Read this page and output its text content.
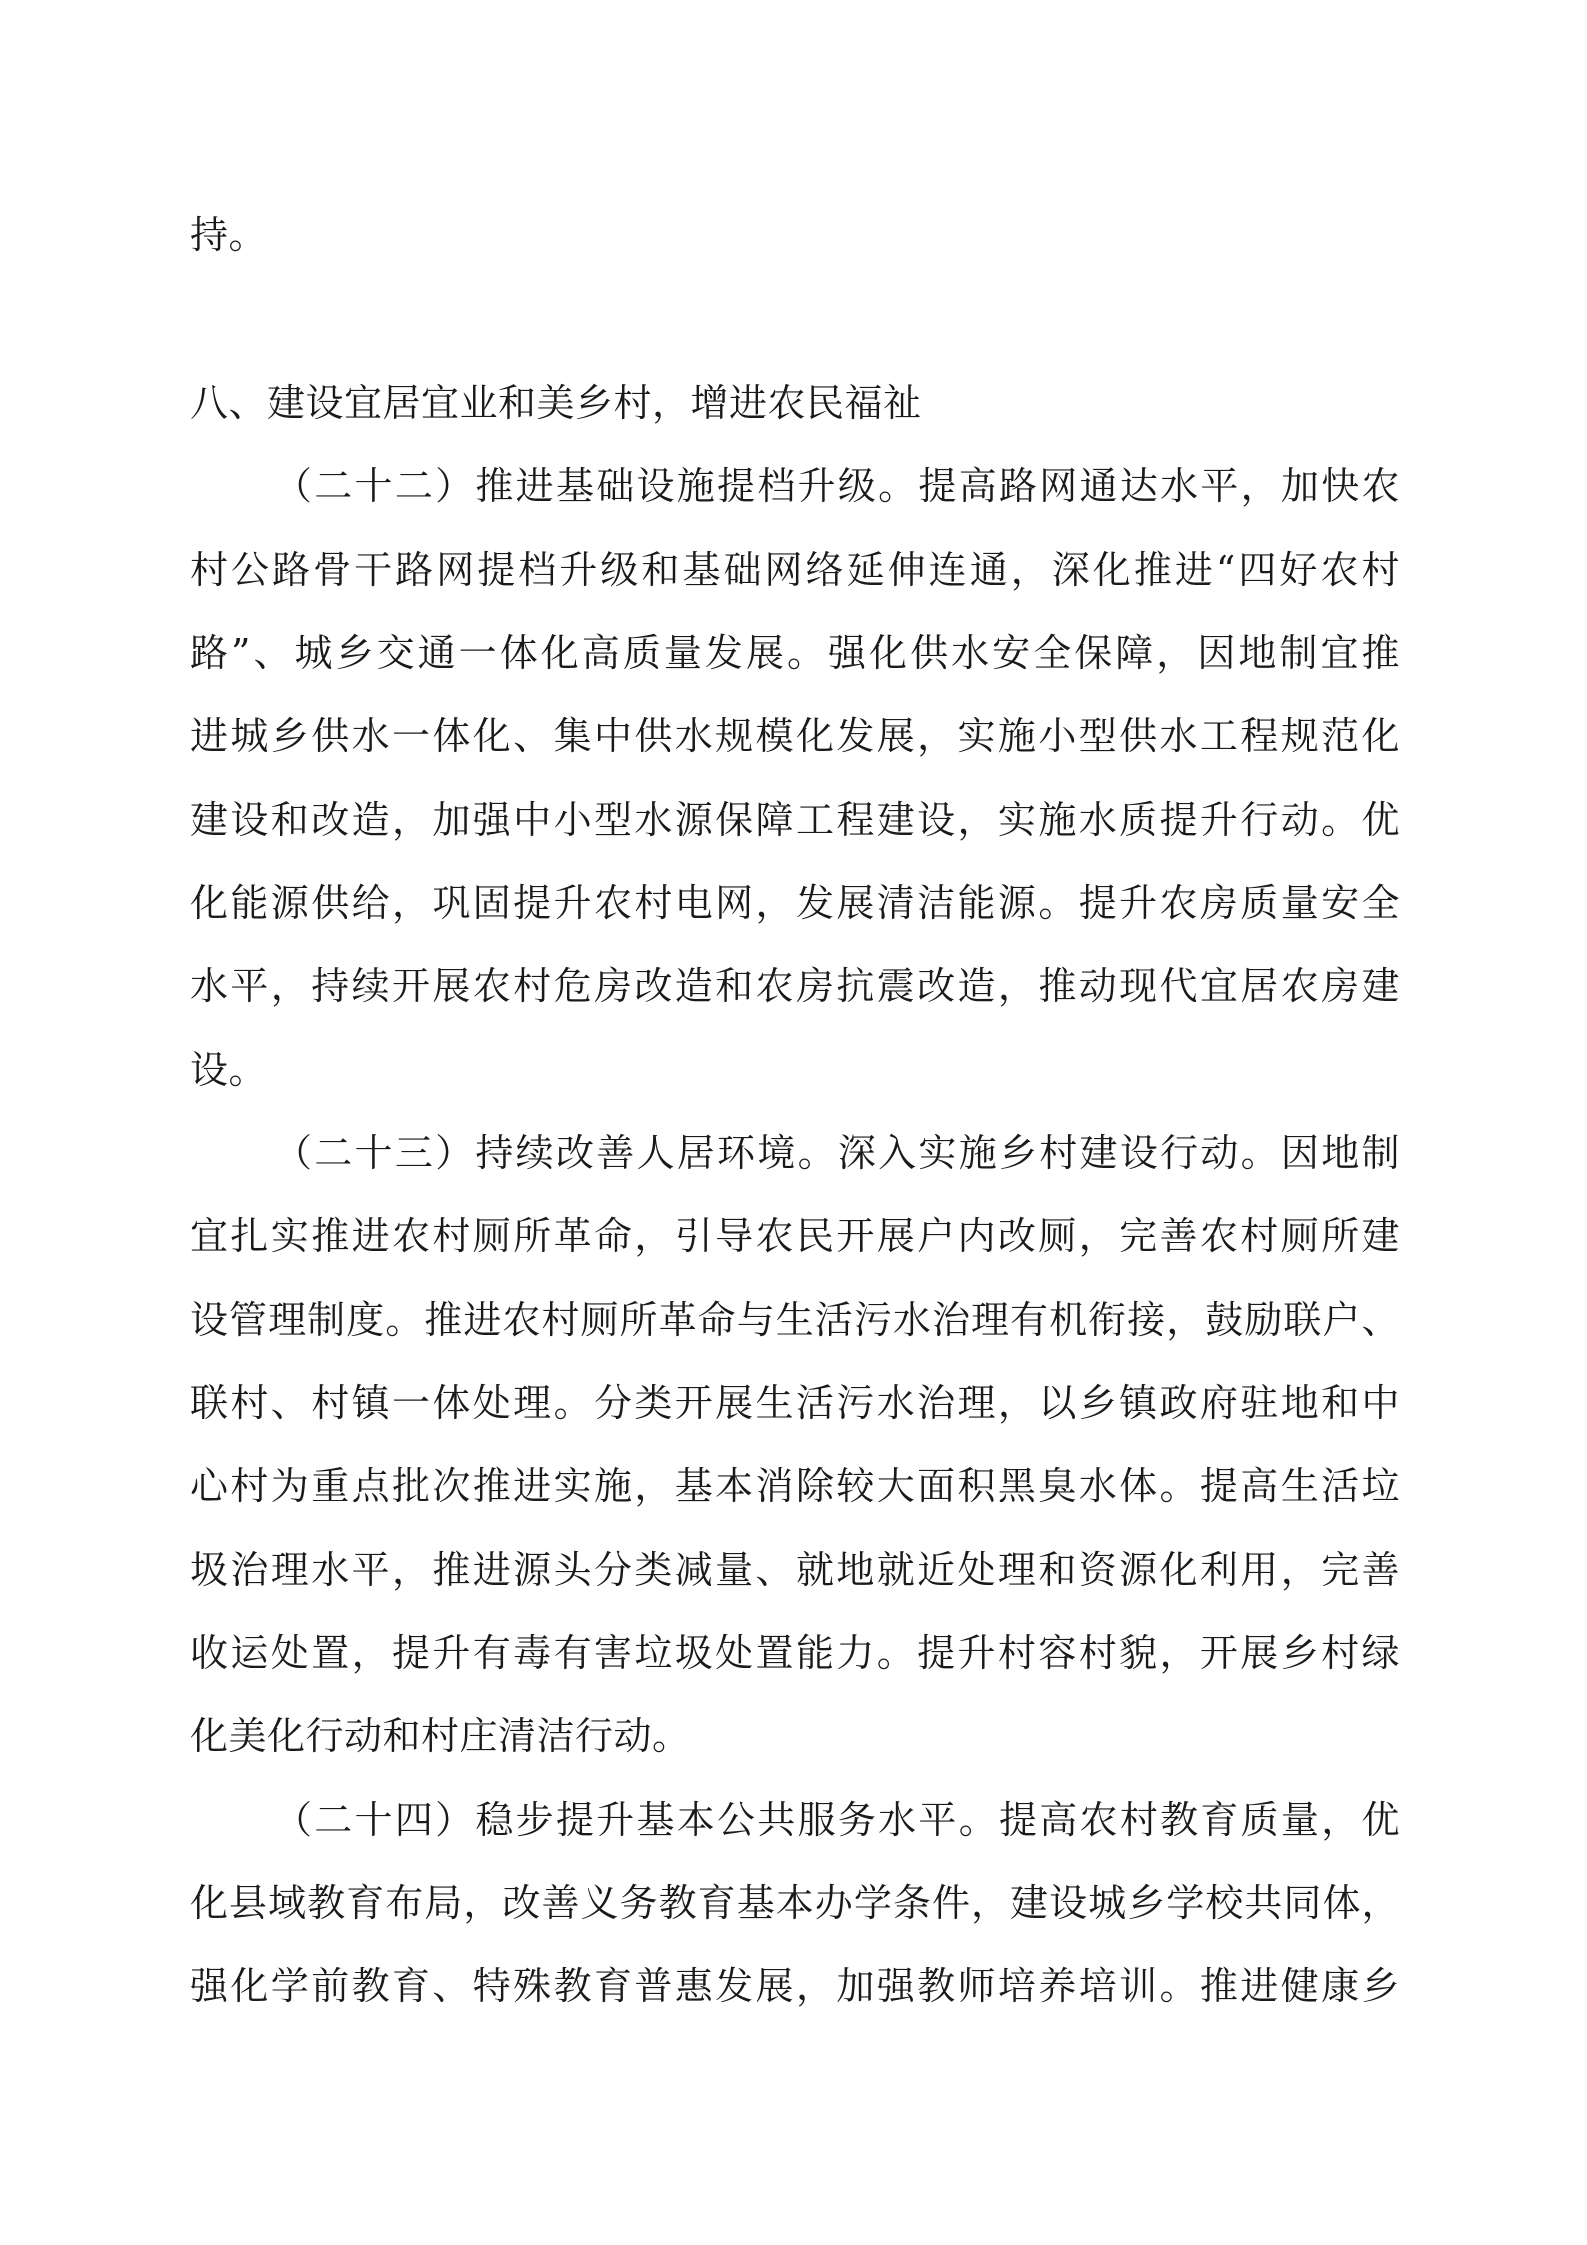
持。
八、建设宜居宜业和美乡村，增进农民福祉
（二十二）推进基础设施提档升级。提高路网通达水平，加快农
村公路骨干路网提档升级和基础网络延伸连通，深化推进“四好农村
路”、城乡交通一体化高质量发展。强化供水安全保障，因地制宜推
进城乡供水一体化、集中供水规模化发展，实施小型供水工程规范化
建设和改造，加强中小型水源保障工程建设，实施水质提升行动。优
化能源供给，巩固提升农村电网，发展清洁能源。提升农房质量安全
水平，持续开展农村危房改造和农房抗震改造，推动现代宜居农房建
设。
（二十三）持续改善人居环境。深入实施乡村建设行动。因地制
宜扎实推进农村厕所革命，引导农民开展户内改厕，完善农村厕所建
设管理制度。推进农村厕所革命与生活污水治理有机衔接，鼓励联户、
联村、村镇一体处理。分类开展生活污水治理，以乡镇政府驻地和中
心村为重点批次推进实施，基本消除较大面积黑臭水体。提高生活垃
圾治理水平，推进源头分类减量、就地就近处理和资源化利用，完善
收运处置，提升有毒有害垃圾处置能力。提升村容村貌，开展乡村绿
化美化行动和村庄清洁行动。
（二十四）稳步提升基本公共服务水平。提高农村教育质量，优
化县域教育布局，改善义务教育基本办学条件，建设城乡学校共同体，
强化学前教育、特殊教育普惠发展，加强教师培养培训。推进健康乡
